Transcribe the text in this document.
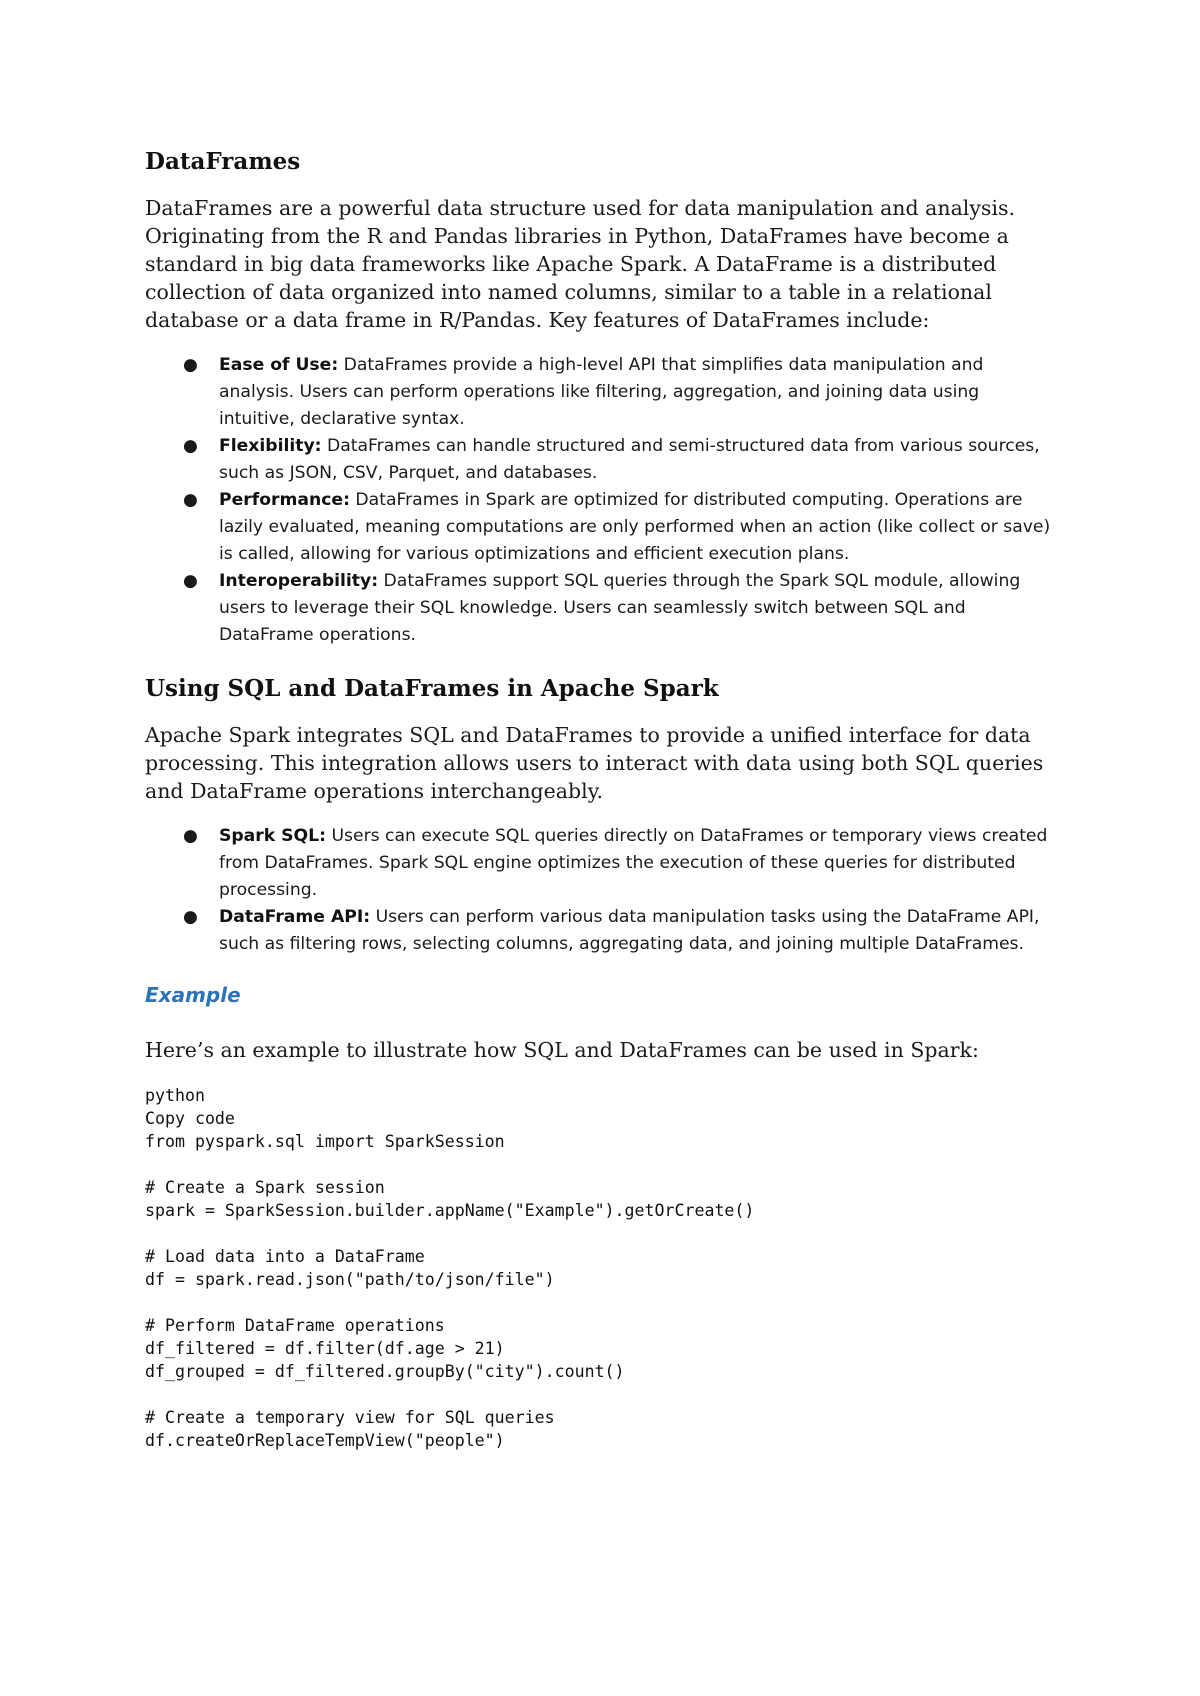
DataFrames

DataFrames are a powerful data structure used for data manipulation and analysis. Originating from the R and Pandas libraries in Python, DataFrames have become a standard in big data frameworks like Apache Spark. A DataFrame is a distributed collection of data organized into named columns, similar to a table in a relational database or a data frame in R/Pandas. Key features of DataFrames include:

● Ease of Use: DataFrames provide a high-level API that simplifies data manipulation and analysis. Users can perform operations like filtering, aggregation, and joining data using intuitive, declarative syntax.
● Flexibility: DataFrames can handle structured and semi-structured data from various sources, such as JSON, CSV, Parquet, and databases.
● Performance: DataFrames in Spark are optimized for distributed computing. Operations are lazily evaluated, meaning computations are only performed when an action (like collect or save) is called, allowing for various optimizations and efficient execution plans.
● Interoperability: DataFrames support SQL queries through the Spark SQL module, allowing users to leverage their SQL knowledge. Users can seamlessly switch between SQL and DataFrame operations.
Using SQL and DataFrames in Apache Spark

Apache Spark integrates SQL and DataFrames to provide a unified interface for data processing. This integration allows users to interact with data using both SQL queries and DataFrame operations interchangeably.

● Spark SQL: Users can execute SQL queries directly on DataFrames or temporary views created from DataFrames. Spark SQL engine optimizes the execution of these queries for distributed processing.
● DataFrame API: Users can perform various data manipulation tasks using the DataFrame API, such as filtering rows, selecting columns, aggregating data, and joining multiple DataFrames.
Example

Here’s an example to illustrate how SQL and DataFrames can be used in Spark:

python
Copy code
from pyspark.sql import SparkSession

# Create a Spark session
spark = SparkSession.builder.appName("Example").getOrCreate()

# Load data into a DataFrame
df = spark.read.json("path/to/json/file")

# Perform DataFrame operations
df_filtered = df.filter(df.age > 21)
df_grouped = df_filtered.groupBy("city").count()

# Create a temporary view for SQL queries
df.createOrReplaceTempView("people")
